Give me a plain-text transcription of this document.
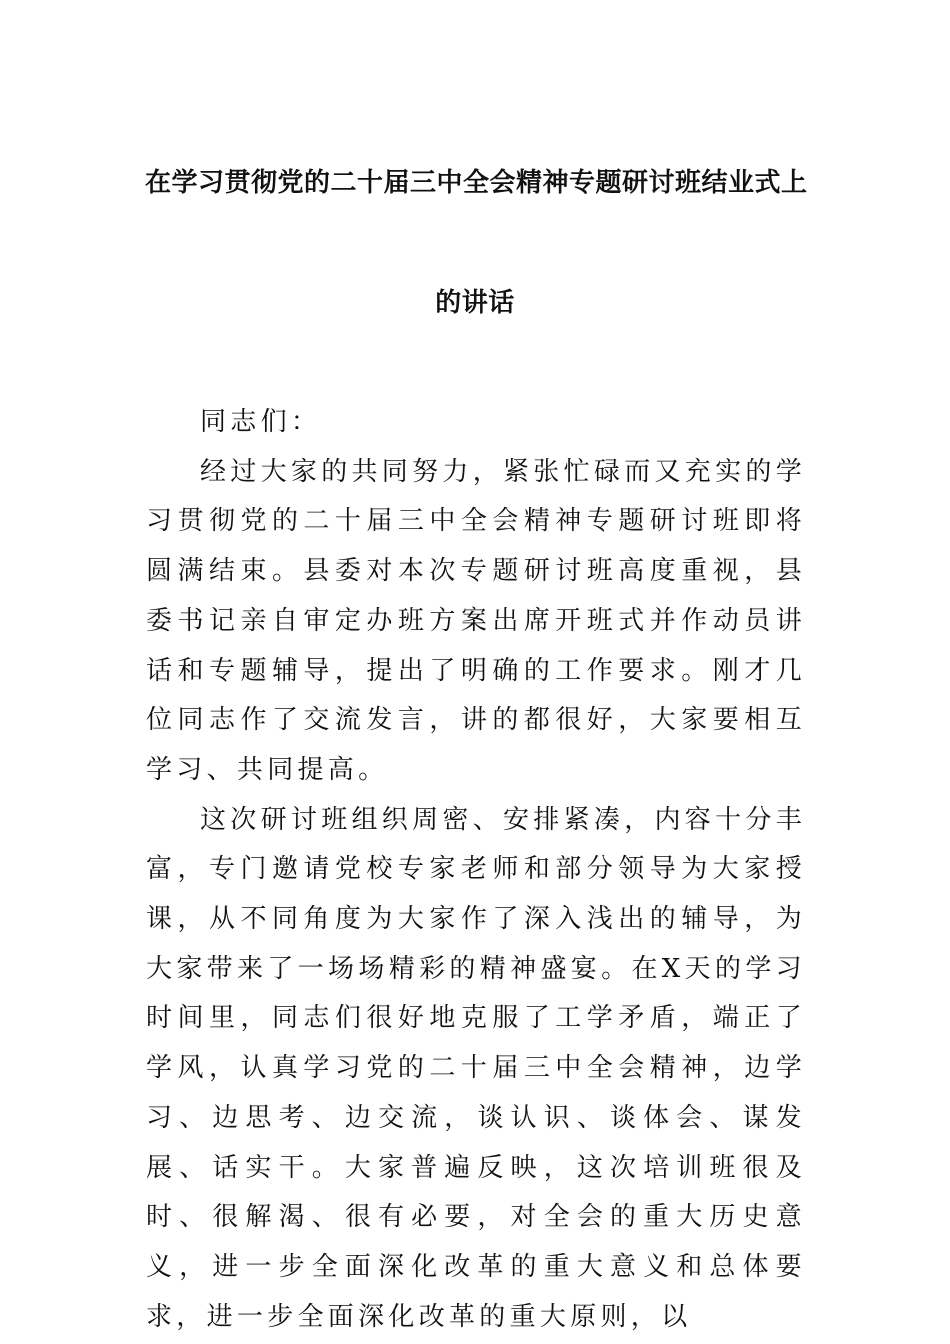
在学习贯彻党的二十届三中全会精神专题研讨班结业式上
的讲话

同志们：

经过大家的共同努力，紧张忙碌而又充实的学习贯彻党的二十届三中全会精神专题研讨班即将圆满结束。县委对本次专题研讨班高度重视，县委书记亲自审定办班方案出席开班式并作动员讲话和专题辅导，提出了明确的工作要求。刚才几位同志作了交流发言，讲的都很好，大家要相互学习、共同提高。

这次研讨班组织周密、安排紧凑，内容十分丰富，专门邀请党校专家老师和部分领导为大家授课，从不同角度为大家作了深入浅出的辅导，为大家带来了一场场精彩的精神盛宴。在X天的学习时间里，同志们很好地克服了工学矛盾，端正了学风，认真学习党的二十届三中全会精神，边学习、边思考、边交流，谈认识、谈体会、谋发展、话实干。大家普遍反映，这次培训班很及时、很解渴、很有必要，对全会的重大历史意义，进一步全面深化改革的重大意义和总体要求，进一步全面深化改革的重大原则，以
